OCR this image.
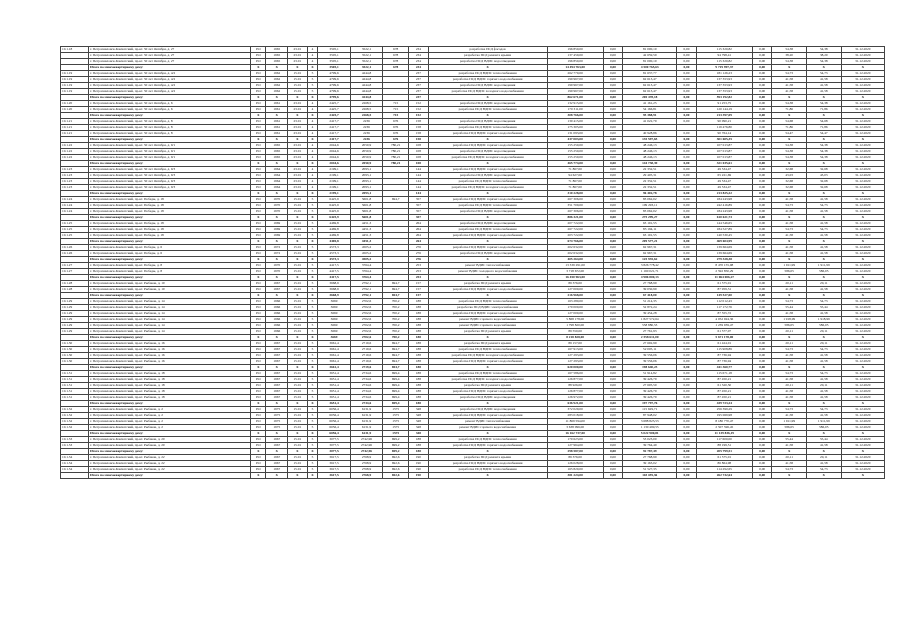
10.1.18	г. Петропавловск-Камчатский, пр-кт. 50 лет Октября, д. 27	РО	1965	23.01	4	3505,1	3522,1	678	234	разработка ПСД фасадов	196 850,00	0,00	81 000,10	0,00	115 320,82	0,00	54,38	54,38	31.12.2020
	г. Петропавловск-Камчатский, пр-кт. 50 лет Октября, д. 27	РО	1965	23.01	4	3505,1	3522,1	678	234	разработка ПСД ремонта крыши	137 459,00	0,00	42 659,59	0,00	94 798,41	0,00	38,20	38,20	31.12.2020
	г. Петропавловск-Камчатский, пр-кт. 50 лет Октября, д. 27	РО	1965	23.01	4	3505,1	3522,1	678	234	разработка ПСД ВДИС водоотведения	196 850,00	0,00	81 000,10	0,00	115 320,82	0,00	54,38	54,38	31.12.2020
	Итого по многоквартирному дому:	X	X	X	X	3505,1	3522,1	678	234	X	14 494 763,00	0,00	4 500 765,63	0,00	9 719 997,37	0,00	X	X	X
10.1.19	г. Петропавловск-Камчатский, пр-кт. 50 лет Октября, д. 4/2	РО	1962	15.01	5	4799,6	4244,8		237	разработка ПСД ВДИС теплоснабжения	262 770,00	0,00	81 637,77	0,00	181 126,23	0,00	54,73	54,73	31.12.2020
10.1.19	г. Петропавловск-Камчатский, пр-кт. 50 лет Октября, д. 4/2	РО	1962	15.01	5	4799,6	4244,8		237	разработка ПСД ВДИС горячего водоснабжения	199 967,00	0,00	62 613,47	0,00	137 353,93	0,00	41,58	41,58	31.12.2020
10.1.19	г. Петропавловск-Камчатский, пр-кт. 50 лет Октября, д. 4/2	РО	1962	15.01	5	4799,6	4244,8		237	разработка ПСД ВДИС водоотведения	199 967,00	0,00	62 613,47	0,00	137 353,93	0,00	41,58	41,58	31.12.2020
10.1.19	г. Петропавловск-Камчатский, пр-кт. 50 лет Октября, д. 4/2	РО	1962	15.01	5	4799,6	4244,8		237	разработка ПСД ВДИС холодного водоснабжения	199 967,00	0,00	62 613,47	0,00	137 353,93	0,00	41,58	41,58	31.12.2020
	Итого по многоквартирному дому:	X	X	X	X	4799,6	4244,8		237	X	862 671,00	0,00	269 478,18	0,00	593 192,82	0,00	X	X	X
10.1.20	г. Петропавловск-Камчатский, пр-кт. 50 лет Октября, д. 6	РО	1961	23.01	4	2425,7	2268,5	715	152	разработка ПСД ВДИС водоотведения	132 915,00	0,00	41 161,25	0,00	91 253,75	0,00	54,38	54,38	31.12.2020
10.1.20	г. Петропавловск-Камчатский, пр-кт. 50 лет Октября, д. 6	РО	1961	23.01	4	2425,7	2268,5	715	152	разработка ПСД ВДИС теплоснабжения	170 311,00	0,00	54 166,81	0,00	120 144,19	0,00	71,86	71,86	31.12.2020
	Итого по многоквартирному дому:	X	X	X	X	2425,7	2268,5	715	152	X	308 766,00	0,00	95 388,91	0,00	213 397,09	0,00	X	X	X
10.1.21	г. Петропавловск-Камчатский, пр-кт. 50 лет Октября, д. 8	РО	1961	23.01	4	2417,7	2236	676	158	разработка ПСД ВДИС водоотведения	130 415,00	0,00	41 022,79	0,00	90 090,21	0,00	54,68	54,68	31.12.2020
10.1.21	г. Петропавловск-Камчатский, пр-кт. 50 лет Октября, д. 8	РО	1961	23.01	4	2417,7	2236	676	158	разработка ПСД ВДИС теплоснабжения	175 305,00	0,00			119 476,80	0,00	71,86	71,86	31.12.2020
10.1.21	г. Петропавловск-Камчатский, пр-кт. 50 лет Октября, д. 8	РО	1961	23.01	4	2417,7	2236	676	158	разработка ПСД ВДИС горячего водоснабжения	131 093,00	0,00	40 928,86	0,00	90 764,14	0,00	54,47	54,47	31.12.2020
	Итого по многоквартирному дому:	X	X	X	X	2417,7	2236	676	158	X	437 003,00	0,00	135 597,65	0,00	301 605,35	0,00	X	X	X
10.1.22	г. Петропавловск-Камчатский, пр-кт. 50 лет Октября, д. 9/1	РО	1965	23.01	4	2044,6	2050,9	780,21	108	разработка ПСД ВДИС горячего водоснабжения	155 250,00	0,00	48 246,13	0,00	107 013,87	0,00	54,38	54,38	31.12.2020
10.1.22	г. Петропавловск-Камчатский, пр-кт. 50 лет Октября, д. 9/1	РО	1965	23.01	4	2044,6	2050,9	780,21	108	разработка ПСД ВДИС водоотведения	155 250,00	0,00	48 246,13	0,00	107 013,87	0,00	54,38	54,38	31.12.2020
10.1.22	г. Петропавловск-Камчатский, пр-кт. 50 лет Октября, д. 9/1	РО	1965	23.01	4	2044,6	2050,9	780,21	108	разработка ПСД ВДИС холодного водоснабжения	155 250,00	0,00	48 246,13	0,00	107 013,87	0,00	54,38	54,38	31.12.2020
	Итого по многоквартирному дому:	X	X	X	X	2044,6	2050,9	780,21	108	X	465 774,00	0,00	144 738,39	0,00	321 035,61	0,00	X	X	X
10.1.23	г. Петропавловск-Камчатский, пр-кт. 50 лет Октября, д. 9/3	РО	1964	23.01	4	2199,1	2093,1		144	разработка ПСД ВДИС горячего водоснабжения	71 867,00	0,00	22 332,51	0,00	49 534,47	0,00	32,68	32,68	31.12.2020
10.1.23	г. Петропавловск-Камчатский, пр-кт. 50 лет Октября, д. 9/3	РО	1964	23.01	4	2199,1	2093,1		144	разработка ПСД ВДИС водоотведения	94 627,00	0,00	29 405,31	0,00	65 221,69	0,00	43,03	43,03	31.12.2020
10.1.23	г. Петропавловск-Камчатский, пр-кт. 50 лет Октября, д. 9/3	РО	1964	23.01	4	2199,1	2093,1		144	разработка ПСД ВДИС теплоснабжения	71 867,00	0,00	22 332,51	0,00	49 534,47	0,00	32,68	32,68	31.12.2020
10.1.23	г. Петропавловск-Камчатский, пр-кт. 50 лет Октября, д. 9/3	РО	1964	23.01	4	2199,1	2093,1		144	разработка ПСД ВДИС холодного водоснабжения	71 867,00	0,00	22 332,51	0,00	49 534,47	0,00	32,68	32,68	31.12.2020
	Итого по многоквартирному дому:	X	X	X	X	2199,1	2093,1		144	X	310 228,00	0,00	96 402,78	0,00	213 825,22	0,00	X	X	X
10.1.24	г. Петропавловск-Камчатский, пр-кт. Победы, д. 18	РО	1970	15.01	5	6425,9	5601,8	694,7	357	разработка ПСД ВДИС горячего водоснабжения	267 306,00	0,00	83 062,02	0,00	184 243,98	0,00	41,58	41,58	31.12.2020
10.1.24	г. Петропавловск-Камчатский, пр-кт. Победы, д. 18	РО	1970	15.01	5	6425,9	5601,8		357	разработка ПСД ВДИС теплоснабжения	351 709,00	0,00	109 293,11	0,00	242 416,89	0,00	54,73	54,73	31.12.2020
10.1.24	г. Петропавловск-Камчатский, пр-кт. Победы, д. 18	РО	1970	15.01	5	6425,9	5601,8		357	разработка ПСД ВДИС водоотведения	267 306,00	0,00	83 062,02	0,00	184 243,98	0,00	41,58	41,58	31.12.2020
	Итого по многоквартирному дому:	X	X	X	X	6425,9	5601,8		357	X	886 321,00	0,00	275 299,27	0,00	610 621,73	0,00	X	X	X
10.1.25	г. Петропавловск-Камчатский, пр-кт. Победы, д. 18	РО	1969	15.01	5	4469,8	4451,3		264	разработка ПСД ВДИС водоотведения	207 722,00	0,00	63 191,55	0,00	144 546,65	0,00	41,58	41,58	31.12.2020
10.1.25	г. Петропавловск-Камчатский, пр-кт. Победы, д. 18	РО	1969	15.01	5	4469,8	4451,3		264	разработка ПСД ВДИС теплоснабжения	267 722,00	0,00	83 194,11	0,00	184 527,89	0,00	54,73	54,73	31.12.2020
10.1.25	г. Петропавловск-Камчатский, пр-кт. Победы, д. 18	РО	1969	15.01	5	4469,8	4451,3		264	разработка ПСД ВДИС горячего водоснабжения	203 722,00	0,00	63 191,55	0,00	140 530,45	0,00	41,58	41,58	31.12.2020
	Итого по многоквартирному дому:	X	X	X	X	4469,8	4451,3		264	X	674 766,00	0,00	209 577,21	0,00	469 604,99	0,00	X	X	X
10.1.26	г. Петропавловск-Камчатский, пр-кт. Победы, д. 6	РО	1972	15.01	5	4573,3	4505,2		276	разработка ПСД ВДИС горячего водоснабжения	202 632,00	0,00	62 967,31	0,00	139 664,69	0,00	41,58	41,58	31.12.2020
10.1.26	г. Петропавловск-Камчатский, пр-кт. Победы, д. 6	РО	1972	15.01	5	4573,3	4505,2		276	разработка ПСД ВДИС водоотведения	202 632,00	0,00	62 967,31	0,00	139 664,69	0,00	41,58	41,58	31.12.2020
	Итого по многоквартирному дому:	X	X	X	X	4573,3	4505,2		276	X	405 264,00	0,00	125 935,62	0,00	279 328,38	0,00	X	X	X
10.1.27	г. Петропавловск-Камчатский, пр-кт. Победы, д. 8	РО	1970	15.01	5	4417,5	3764,4		253	ремонт ВДИС теплоснабжения	13 339 291,00	0,00	3 826 778,42	0,00	8 470 155,98	0,00	1 911,99	1 911,99	31.12.2020
10.1.27	г. Петропавловск-Камчатский, пр-кт. Победы, д. 8	РО	1970	15.01	5	4417,5	3764,4		253	ремонт ВДИС холодного водоснабжения	3 718 672,00	0,00	1 160 021,71	0,00	2 592 850,29	0,00	586,05	586,05	31.12.2020
	Итого по многоквартирному дому:	X	X	X	X	4417,5	3764,4		253	X	16 450 963,00	0,00	4 986 800,13	0,00	11 064 006,27	0,00	X	X	X
10.1.28	г. Петропавловск-Камчатский, пр-кт. Рыбаков, д. 10	РО	1967	15.01	5	3668,9	2792,1	694,7	157	разработка ПСД ремонта крыши	89 376,00	0,00	27 768,99	0,00	61 575,01	0,00	20,11	20,11	31.12.2020
10.1.28	г. Петропавловск-Камчатский, пр-кт. Рыбаков, д. 10	РО	1967	15.01	5	3668,9	2792,1	694,7	157	разработка ПСД ВДИС горячего водоснабжения	127 000,00	0,00	39 030,99	0,00	87 959,31	0,00	41,58	41,58	31.12.2020
	Итого по многоквартирному дому:	X	X	X	X	3668,9	2792,1	694,7	157	X	216 968,00	0,00	67 418,00	0,00	149 527,00	0,00	X	X	X
10.1.29	г. Петропавловск-Камчатский, пр-кт. Рыбаков, д. 14	РО	1966	15.01	5	3669	2702,6	700,2	188	разработка ПСД ВДИС теплоснабжения	163 280,00	0,00	51 214,35	0,00	112 012,43	0,00	54,73	54,73	31.12.2020
10.1.29	г. Петропавловск-Камчатский, пр-кт. Рыбаков, д. 14	РО	1966	15.01	5	3669	2702,6	700,2	188	разработка ПСД ВДИС электроснабжения	170 000,00	0,00	52 872,24	0,00	117 172,76	0,00	55,44	55,44	31.12.2020
10.1.29	г. Петропавловск-Камчатский, пр-кт. Рыбаков, д. 14	РО	1966	15.01	5	3669	2702,6	700,2	188	разработка ПСД ВДИС горячего водоснабжения	127 000,00	0,00	39 454,28	0,00	87 555,72	0,00	41,58	41,58	31.12.2020
10.1.29	г. Петропавловск-Камчатский, пр-кт. Рыбаков, д. 14	РО	1966	15.01	5	3669	2702,6	700,2	188	ремонт ВДИС горячего водоснабжения	5 868 178,00	0,00	1 827 572,64	0,00	4 052 924,36	0,00	1 918,99	1 918,99	31.12.2020
10.1.29	г. Петропавловск-Камчатский, пр-кт. Рыбаков, д. 14	РО	1966	15.01	5	3669	2702,6	700,2	188	ремонт ВДИС горячего водоснабжения	1 798 820,00	0,00	558 880,53	0,00	1 239 939,47	0,00	586,05	586,05	31.12.2020
10.1.29	г. Петропавловск-Камчатский, пр-кт. Рыбаков, д. 14	РО	1966	15.01	5	3669	2702,6	700,2	188	разработка ПСД ремонта крыши	89 550,00	0,00	27 761,93	0,00	61 577,07	0,00	20,11	20,11	31.12.2020
	Итого по многоквартирному дому:	X	X	X	X	3669	2702,6	700,2	188	X	8 218 828,00	0,00	2 558 611,00	0,00	5 671 178,00	0,00	X	X	X
10.1.30	г. Петропавловск-Камчатский, пр-кт. Рыбаков, д. 16	РО	1967	15.01	5	3661,4	2719,6	694,7	188	разработка ПСД ремонта крыши	89 157,00	0,00	27 692,99	0,00	61 424,01	0,00	20,11	20,11	31.12.2020
10.1.30	г. Петропавловск-Камчатский, пр-кт. Рыбаков, д. 16	РО	1967	15.01	5	3661,4	2719,6	694,7	188	разработка ПСД ВДИС теплоснабжения	167 913,00	0,00	52 005,11	0,00	115 908,89	0,00	54,73	54,73	31.12.2020
10.1.30	г. Петропавловск-Камчатский, пр-кт. Рыбаков, д. 16	РО	1967	15.01	5	3661,4	2719,6	694,7	188	разработка ПСД ВДИС холодного водоснабжения	127 293,00	0,00	39 556,06	0,00	87 736,94	0,00	41,58	41,58	31.12.2020
10.1.30	г. Петропавловск-Камчатский, пр-кт. Рыбаков, д. 16	РО	1967	15.01	5	3661,4	2719,6	694,7	188	разработка ПСД ВДИС горячего водоснабжения	127 293,00	0,00	39 556,06	0,00	87 736,94	0,00	41,58	41,58	31.12.2020
	Итого по многоквартирному дому:	X	X	X	X	3661,4	2719,6	694,7	188	X	620 000,00	0,00	198 640,23	0,00	441 360,77	0,00	X	X	X
10.1.31	г. Петропавловск-Камчатский, пр-кт. Рыбаков, д. 18	РО	1967	15.01	5	3651,4	2734,6	699,4	188	разработка ПСД ВДИС теплоснабжения	167 586,00	0,00	51 914,82	0,00	115 671,18	0,00	54,73	54,73	31.12.2020
10.1.31	г. Петропавловск-Камчатский, пр-кт. Рыбаков, д. 18	РО	1967	15.01	5	3651,4	2734,6	699,4	188	разработка ПСД ВДИС холодного водоснабжения	126 877,00	0,00	39 426,79	0,00	87 450,21	0,00	41,58	41,58	31.12.2020
10.1.31	г. Петропавловск-Камчатский, пр-кт. Рыбаков, д. 18	РО	1967	15.01	5	3651,4	2734,6	699,4	188	разработка ПСД ремонта крыши	88 926,00	0,00	27 605,50	0,00	61 320,50	0,00	20,11	20,11	31.12.2020
10.1.31	г. Петропавловск-Камчатский, пр-кт. Рыбаков, д. 18	РО	1967	15.01	5	3651,4	2734,6	699,4	188	разработка ПСД ВДИС горячего водоснабжения	126 877,00	0,00	39 426,79	0,00	87 450,21	0,00	41,58	41,58	31.12.2020
10.1.31	г. Петропавловск-Камчатский, пр-кт. Рыбаков, д. 18	РО	1967	15.01	5	3651,4	2734,6	699,4	188	разработка ПСД ВДИС водоотведения	126 972,00	0,00	39 426,79	0,00	87 450,21	0,00	41,58	41,58	31.12.2020
	Итого по многоквартирному дому:	X	X	X	X	3651,4	2734,6	699,4	188	X	636 921,00	0,00	197 797,76	0,00	439 723,24	0,00	X	X	X
10.1.32	г. Петропавловск-Камчатский, пр-кт. Рыбаков, д. 2	РО	1975	15.01	5	6056,4	6131,9	1575	348	разработка ПСД ВДИС водоотведения	372 029,00	0,00	115 629,71	0,00	256 399,29	0,00	54,73	54,73	31.12.2020
10.1.32	г. Петропавловск-Камчатский, пр-кт. Рыбаков, д. 2	РО	1975	15.01	5	6056,4	6131,9	1575	348	разработка ПСД ВДИС горячего водоснабжения	283 018,00	0,00	87 948,02	0,00	195 069,98	0,00	41,58	41,58	31.12.2020
10.1.32	г. Петропавловск-Камчатский, пр-кт. Рыбаков, д. 2	РО	1975	15.01	5	6056,4	6131,9	1575	348	ремонт ВДИС теплоснабжения	11 869 594,00	0,00	3 688 823,53	0,00	8 180 770,47	0,00	1 911,99	1 911,99	31.12.2020
10.1.32	г. Петропавловск-Камчатский, пр-кт. Рыбаков, д. 2	РО	1975	15.01	5	6056,4	6131,9	1575	348	ремонт ВДИС горячего водоснабжения	3 638 096,00	0,00	1 130 499,55	0,00	2 507 596,45	0,00	586,05	586,05	31.12.2020
	Итого по многоквартирному дому:	X	X	X	X	6056,4	6131,9	1575	348	X	16 162 737,00	0,00	5 022 900,81	0,00	11 139 836,19	0,00	X	X	X
10.1.33	г. Петропавловск-Камчатский, пр-кт. Рыбаков, д. 20	РО	1967	15.01	5	3077,5	2742,96	699,2	188	разработка ПСД ВДИС теплоснабжения	170 623,00	0,00	53 023,00	0,00	117 600,00	0,00	55,44	55,44	31.12.2020
10.1.33	г. Петропавловск-Камчатский, пр-кт. Рыбаков, д. 20	РО	1967	15.01	5	3077,5	2742,96	699,2	188	разработка ПСД ВДИС горячего водоснабжения	127 964,00	0,00	39 764,49	0,00	88 199,51	0,00	41,58	41,58	31.12.2020
	Итого по многоквартирному дому:	X	X	X	X	3077,5	2742,96	699,2	188	X	298 587,00	0,00	92 787,49	0,00	205 799,51	0,00	X	X	X
10.1.34	г. Петропавловск-Камчатский, пр-кт. Рыбаков, д. 22	РО	1967	15.01	5	3617,5	2768,9	692,6	190	разработка ПСД ремонта крыши	89 376,00	0,00	27 768,99	0,00	61 575,01	0,00	20,11	20,11	31.12.2020
10.1.34	г. Петропавловск-Камчатский, пр-кт. Рыбаков, д. 22	РО	1967	15.01	5	3617,5	2768,9	692,6	190	разработка ПСД ВДИС горячего водоснабжения	126 028,00	0,00	39 163,02	0,00	86 864,98	0,00	41,58	41,58	31.12.2020
10.1.34	г. Петропавловск-Камчатский, пр-кт. Рыбаков, д. 22	РО	1967	15.01	5	3617,5	2768,9	692,6	190	разработка ПСД ВДИС теплоснабжения	165 820,00	0,00	51 527,35	0,00	114 292,65	0,00	54,73	54,73	31.12.2020
	Итого по многоквартирному дому:	X	X	X	X	3617,5	2768,9	692,6	190	X	381 224,00	0,00	118 459,36	0,00	262 732,64	0,00	X	X	X
